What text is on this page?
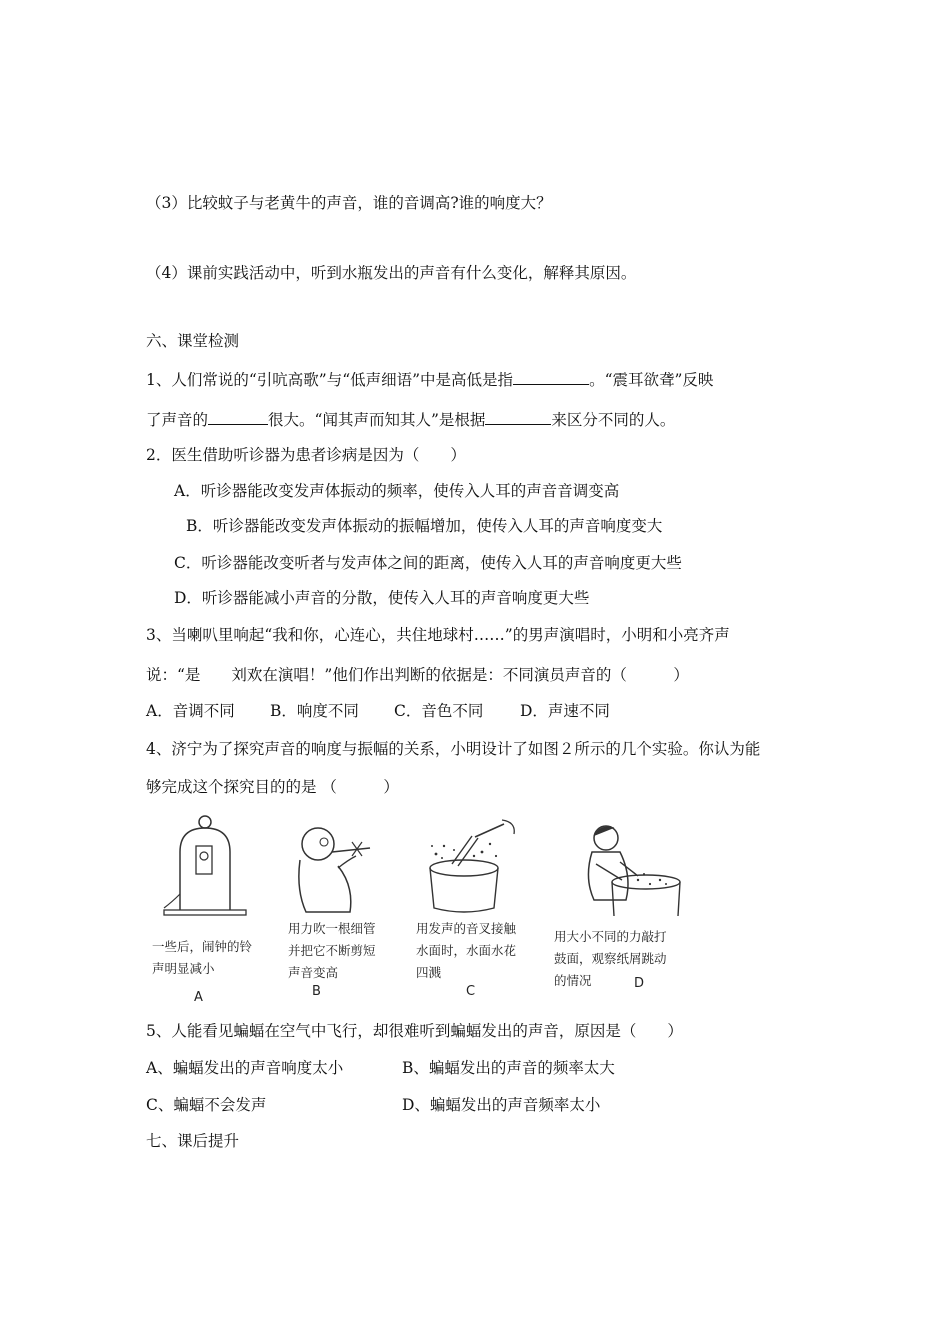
（3）比较蚊子与老黄牛的声音，谁的音调高?谁的响度大？
（4）课前实践活动中，听到水瓶发出的声音有什么变化，解释其原因。
六、课堂检测
1、人们常说的“引吭高歌”与“低声细语”中是高低是指	。“震耳欲聋”反映
了声音的	很大。“闻其声而知其人”是根据	来区分不同的人。
2．医生借助听诊器为患者诊病是因为（　　）
A．听诊器能改变发声体振动的频率，使传入人耳的声音音调变高
B．听诊器能改变发声体振动的振幅增加，使传入人耳的声音响度变大
C．听诊器能改变听者与发声体之间的距离，使传入人耳的声音响度更大些
D．听诊器能减小声音的分散，使传入人耳的声音响度更大些
3、当喇叭里响起“我和你，心连心，共住地球村……”的男声演唱时，小明和小亮齐声
说：“是　　刘欢在演唱！”他们作出判断的依据是：不同演员声音的（　　　）
A．音调不同 B．响度不同 C．音色不同 D．声速不同
4、济宁为了探究声音的响度与振幅的关系，小明设计了如图２所示的几个实验。你认为能
够完成这个探究目的的是 （　　　）
一些后，闹钟的铃
声明显减小
A
用力吹一根细管
并把它不断剪短
声音变高
B
用发声的音叉接触
水面时，水面水花
四溅
C
用大小不同的力敲打
鼓面，观察纸屑跳动
的情况	D
5、人能看见蝙蝠在空气中飞行，却很难听到蝙蝠发出的声音，原因是（　　）
A、蝙蝠发出的声音响度太小	B、蝙蝠发出的声音的频率太大
C、蝙蝠不会发声	D、蝙蝠发出的声音频率太小
七、课后提升
